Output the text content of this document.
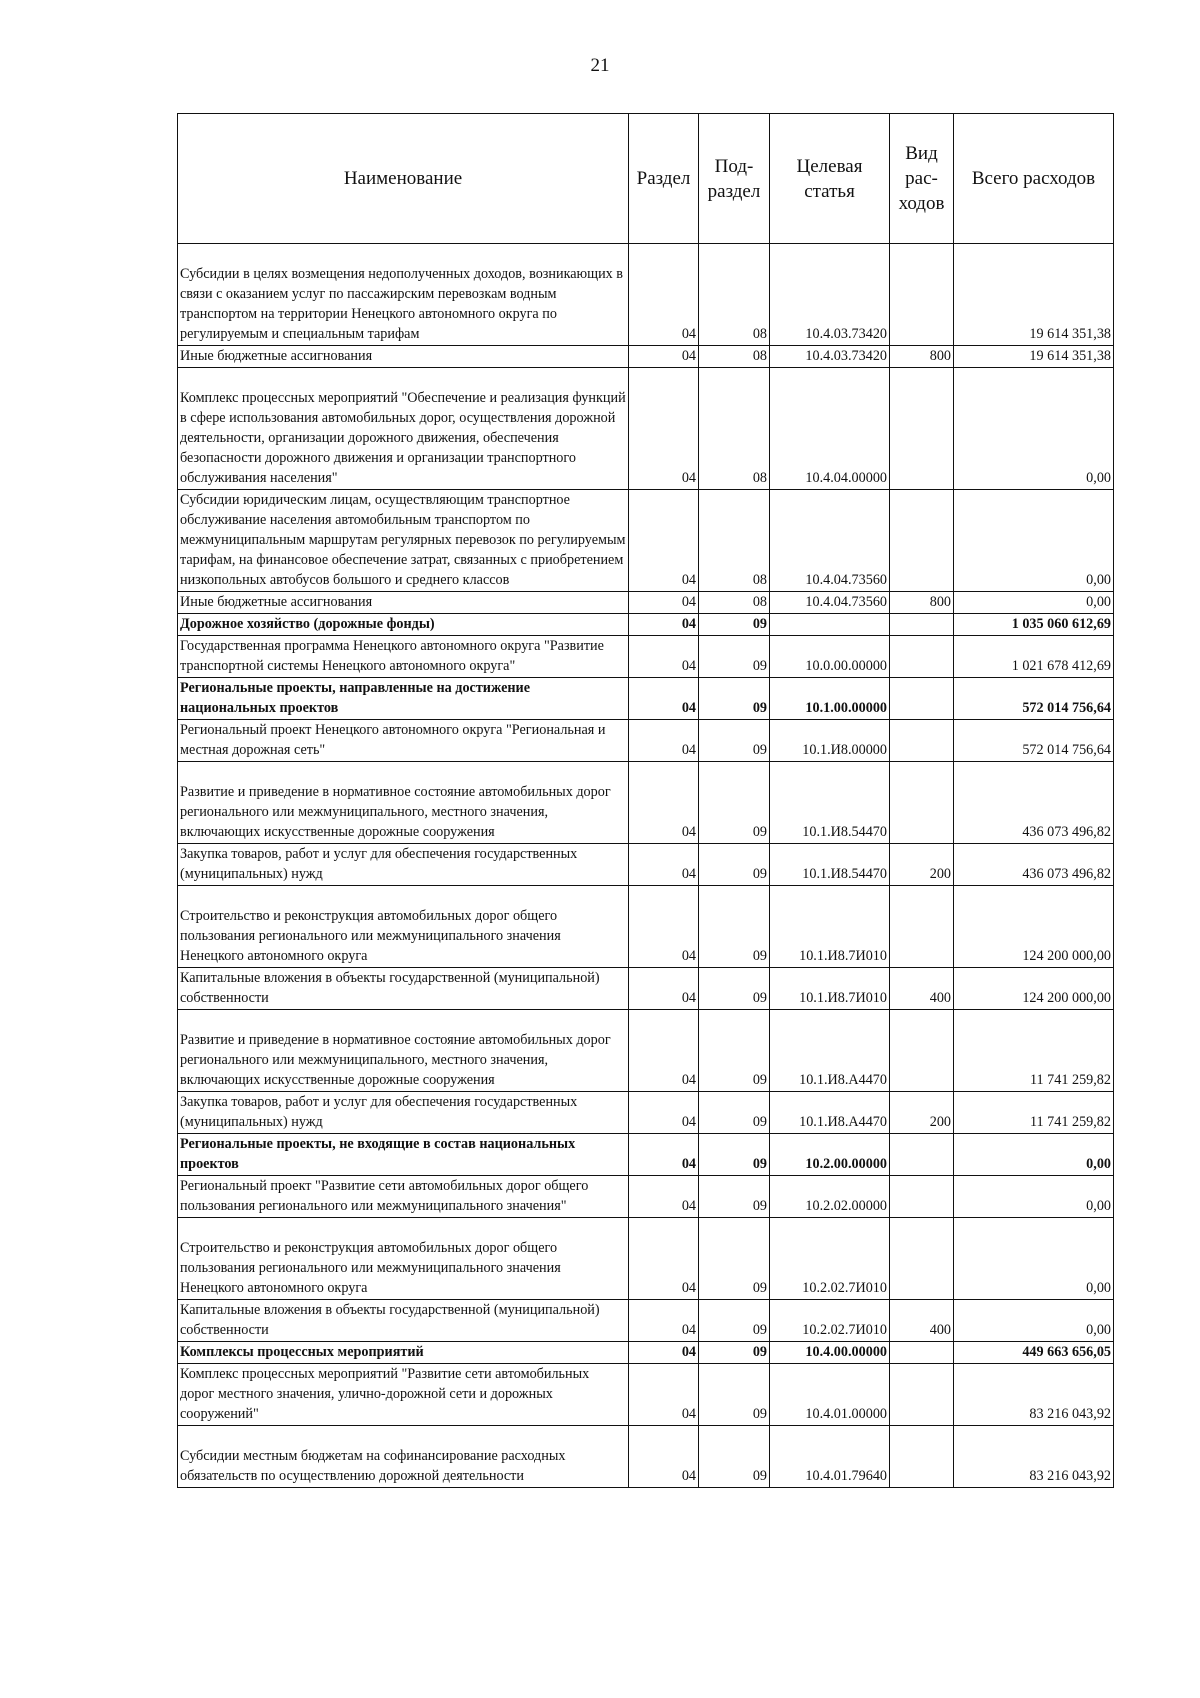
21
Наименование	Раздел	Под-раздел	Целевая статья	Вид рас-ходов	Всего расходов
Субсидии в целях возмещения недополученных доходов, возникающих в связи с оказанием услуг по пассажирским перевозкам водным транспортом на территории Ненецкого автономного округа по регулируемым и специальным тарифам	04	08	10.4.03.73420		19 614 351,38
Иные бюджетные ассигнования	04	08	10.4.03.73420	800	19 614 351,38
Комплекс процессных мероприятий "Обеспечение и реализация функций в сфере использования автомобильных дорог, осуществления дорожной деятельности, организации дорожного движения, обеспечения безопасности дорожного движения и организации транспортного обслуживания населения"	04	08	10.4.04.00000		0,00
Субсидии юридическим лицам, осуществляющим транспортное обслуживание населения автомобильным транспортом по межмуниципальным маршрутам регулярных перевозок по регулируемым тарифам, на финансовое обеспечение затрат, связанных с приобретением низкопольных автобусов большого и среднего классов	04	08	10.4.04.73560		0,00
Иные бюджетные ассигнования	04	08	10.4.04.73560	800	0,00
Дорожное хозяйство (дорожные фонды)	04	09			1 035 060 612,69
Государственная программа Ненецкого автономного округа "Развитие транспортной системы Ненецкого автономного округа"	04	09	10.0.00.00000		1 021 678 412,69
Региональные проекты, направленные на достижение национальных проектов	04	09	10.1.00.00000		572 014 756,64
Региональный проект Ненецкого автономного округа "Региональная и местная дорожная сеть"	04	09	10.1.И8.00000		572 014 756,64
Развитие и приведение в нормативное состояние автомобильных дорог регионального или межмуниципального, местного значения, включающих искусственные дорожные сооружения	04	09	10.1.И8.54470		436 073 496,82
Закупка товаров, работ и услуг для обеспечения государственных (муниципальных) нужд	04	09	10.1.И8.54470	200	436 073 496,82
Строительство и реконструкция автомобильных дорог общего пользования регионального или межмуниципального значения Ненецкого автономного округа	04	09	10.1.И8.7И010		124 200 000,00
Капитальные вложения в объекты государственной (муниципальной) собственности	04	09	10.1.И8.7И010	400	124 200 000,00
Развитие и приведение в нормативное состояние автомобильных дорог регионального или межмуниципального, местного значения, включающих искусственные дорожные сооружения	04	09	10.1.И8.А4470		11 741 259,82
Закупка товаров, работ и услуг для обеспечения государственных (муниципальных) нужд	04	09	10.1.И8.А4470	200	11 741 259,82
Региональные проекты, не входящие в состав национальных проектов	04	09	10.2.00.00000		0,00
Региональный проект "Развитие сети автомобильных дорог общего пользования регионального или межмуниципального значения"	04	09	10.2.02.00000		0,00
Строительство и реконструкция автомобильных дорог общего пользования регионального или межмуниципального значения Ненецкого автономного округа	04	09	10.2.02.7И010		0,00
Капитальные вложения в объекты государственной (муниципальной) собственности	04	09	10.2.02.7И010	400	0,00
Комплексы процессных мероприятий	04	09	10.4.00.00000		449 663 656,05
Комплекс процессных мероприятий "Развитие сети автомобильных дорог местного значения, улично-дорожной сети и дорожных сооружений"	04	09	10.4.01.00000		83 216 043,92
Субсидии местным бюджетам на софинансирование расходных обязательств по осуществлению дорожной деятельности	04	09	10.4.01.79640		83 216 043,92
